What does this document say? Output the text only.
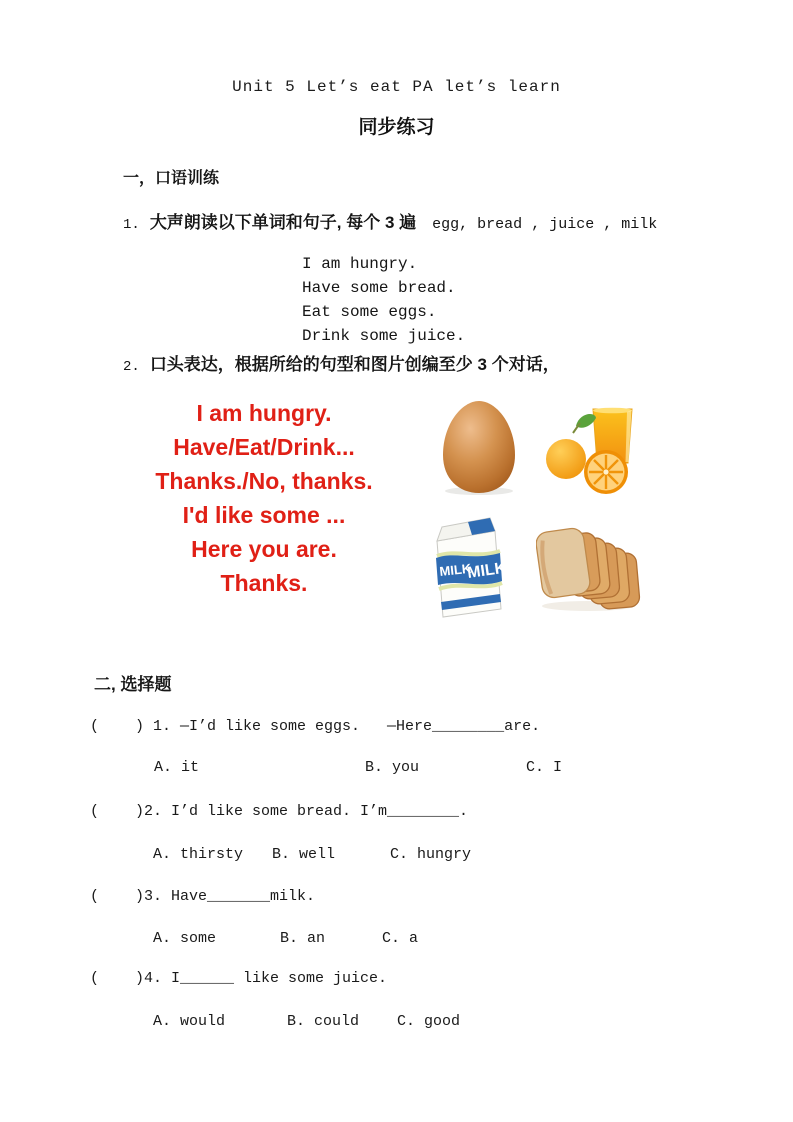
Unit 5 Let’s eat PA let’s learn
同步练习
一，口语训练
1. 大声朗读以下单词和句子, 每个 3 遍 egg, bread , juice , milk
I am hungry.
Have some bread.
Eat some eggs.
Drink some juice.
2. 口头表达，根据所给的句型和图片创编至少 3 个对话，
I am hungry.
Have/Eat/Drink...
Thanks./No, thanks.
I'd like some ...
Here you are.
Thanks.
MILK
MILK
二, 选择题
(    ) 1. —I’d like some eggs.   —Here________are.
A. it	B. you	C. I
(    )2. I’d like some bread. I’m________.
A. thirsty B. well	C. hungry
(    )3. Have_______milk.
A. some	B. an	C. a
(    )4. I______ like some juice.
A. would	B. could	C. good
